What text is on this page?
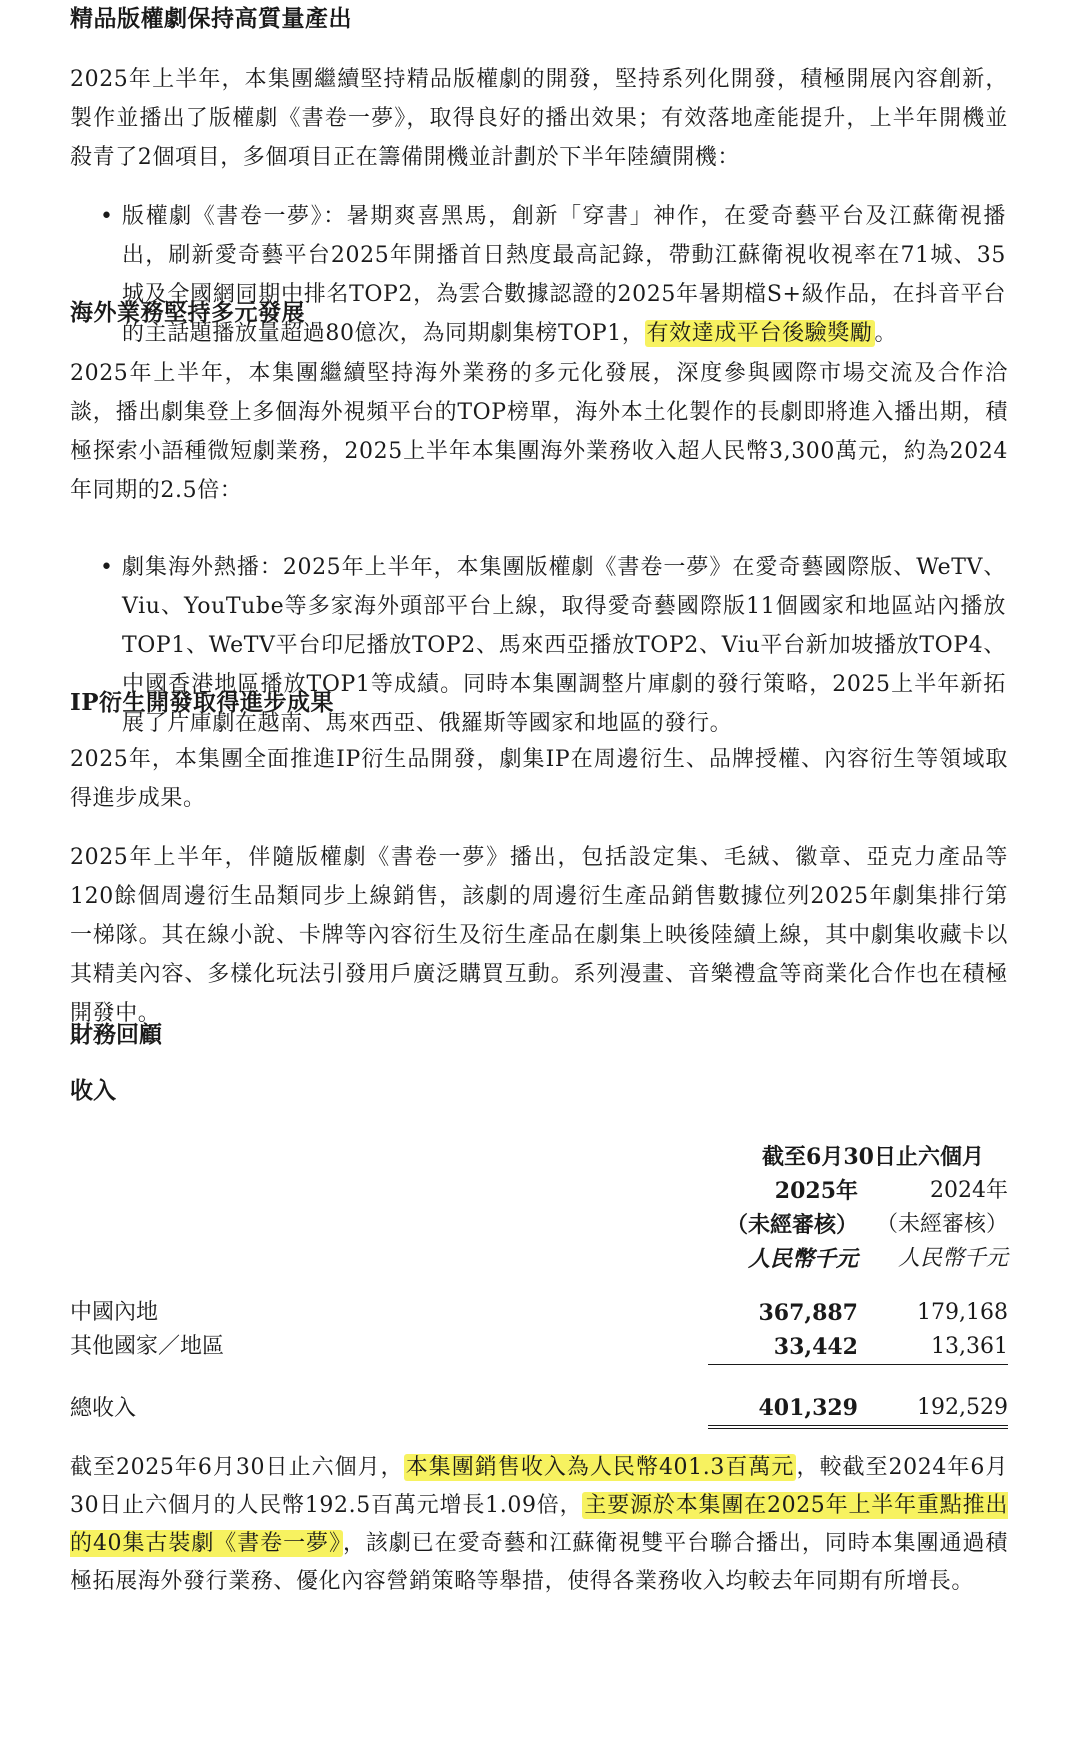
精品版權劇保持高質量產出

2025年上半年，本集團繼續堅持精品版權劇的開發，堅持系列化開發，積極開展內容創新，製作並播出了版權劇《書卷一夢》，取得良好的播出效果；有效落地產能提升，上半年開機並殺青了2個項目，多個項目正在籌備開機並計劃於下半年陸續開機：

• 版權劇《書卷一夢》：暑期爽喜黑馬，創新「穿書」神作，在愛奇藝平台及江蘇衛視播出，刷新愛奇藝平台2025年開播首日熱度最高記錄，帶動江蘇衛視收視率在71城、35城及全國網同期中排名TOP2，為雲合數據認證的2025年暑期檔S+級作品，在抖音平台的主話題播放量超過80億次，為同期劇集榜TOP1，有效達成平台後驗獎勵。
海外業務堅持多元發展

2025年上半年，本集團繼續堅持海外業務的多元化發展，深度參與國際市場交流及合作洽談，播出劇集登上多個海外視頻平台的TOP榜單，海外本土化製作的長劇即將進入播出期，積極探索小語種微短劇業務，2025上半年本集團海外業務收入超人民幣3,300萬元，約為2024年同期的2.5倍：

• 劇集海外熱播：2025年上半年，本集團版權劇《書卷一夢》在愛奇藝國際版、WeTV、Viu、YouTube等多家海外頭部平台上線，取得愛奇藝國際版11個國家和地區站內播放TOP1、WeTV平台印尼播放TOP2、馬來西亞播放TOP2、Viu平台新加坡播放TOP4、中國香港地區播放TOP1等成績。同時本集團調整片庫劇的發行策略，2025上半年新拓展了片庫劇在越南、馬來西亞、俄羅斯等國家和地區的發行。
IP衍生開發取得進步成果

2025年，本集團全面推進IP衍生品開發，劇集IP在周邊衍生、品牌授權、內容衍生等領域取得進步成果。

2025年上半年，伴隨版權劇《書卷一夢》播出，包括設定集、毛絨、徽章、亞克力產品等120餘個周邊衍生品類同步上線銷售，該劇的周邊衍生產品銷售數據位列2025年劇集排行第一梯隊。其在線小說、卡牌等內容衍生及衍生產品在劇集上映後陸續上線，其中劇集收藏卡以其精美內容、多樣化玩法引發用戶廣泛購買互動。系列漫畫、音樂禮盒等商業化合作也在積極開發中。

財務回顧
收入
	截至6月30日止六個月	
	2025年	2024年
	（未經審核）	（未經審核）
	人民幣千元	人民幣千元

中國內地	367,887	179,168
其他國家／地區	33,442	13,361

總收入	401,329	192,529

截至2025年6月30日止六個月，本集團銷售收入為人民幣401.3百萬元，較截至2024年6月30日止六個月的人民幣192.5百萬元增長1.09倍，主要源於本集團在2025年上半年重點推出的40集古裝劇《書卷一夢》，該劇已在愛奇藝和江蘇衛視雙平台聯合播出，同時本集團通過積極拓展海外發行業務、優化內容營銷策略等舉措，使得各業務收入均較去年同期有所增長。
